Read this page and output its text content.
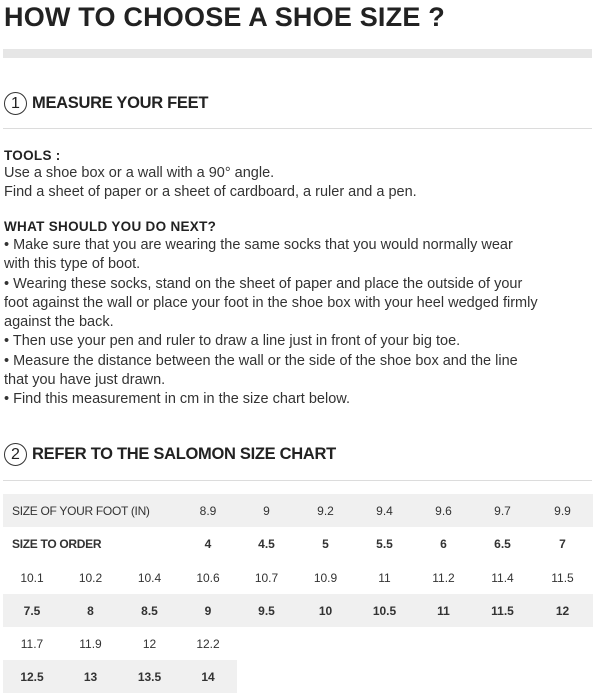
HOW TO CHOOSE A SHOE SIZE ?
1 MEASURE YOUR FEET
TOOLS :
Use a shoe box or a wall with a 90° angle.
Find a sheet of paper or a sheet of cardboard, a ruler and a pen.
WHAT SHOULD YOU DO NEXT?
• Make sure that you are wearing the same socks that you would normally wear
with this type of boot.
• Wearing these socks, stand on the sheet of paper and place the outside of your
foot against the wall or place your foot in the shoe box with your heel wedged firmly
against the back.
• Then use your pen and ruler to draw a line just in front of your big toe.
• Measure the distance between the wall or the side of the shoe box and the line
that you have just drawn.
• Find this measurement in cm in the size chart below.
2 REFER TO THE SALOMON SIZE CHART
SIZE OF YOUR FOOT (IN)	8.9	9	9.2	9.4	9.6	9.7	9.9
SIZE TO ORDER	4	4.5	5	5.5	6	6.5	7
10.1	10.2	10.4	10.6	10.7	10.9	11	11.2	11.4	11.5
7.5	8	8.5	9	9.5	10	10.5	11	11.5	12
11.7	11.9	12	12.2
12.5	13	13.5	14
